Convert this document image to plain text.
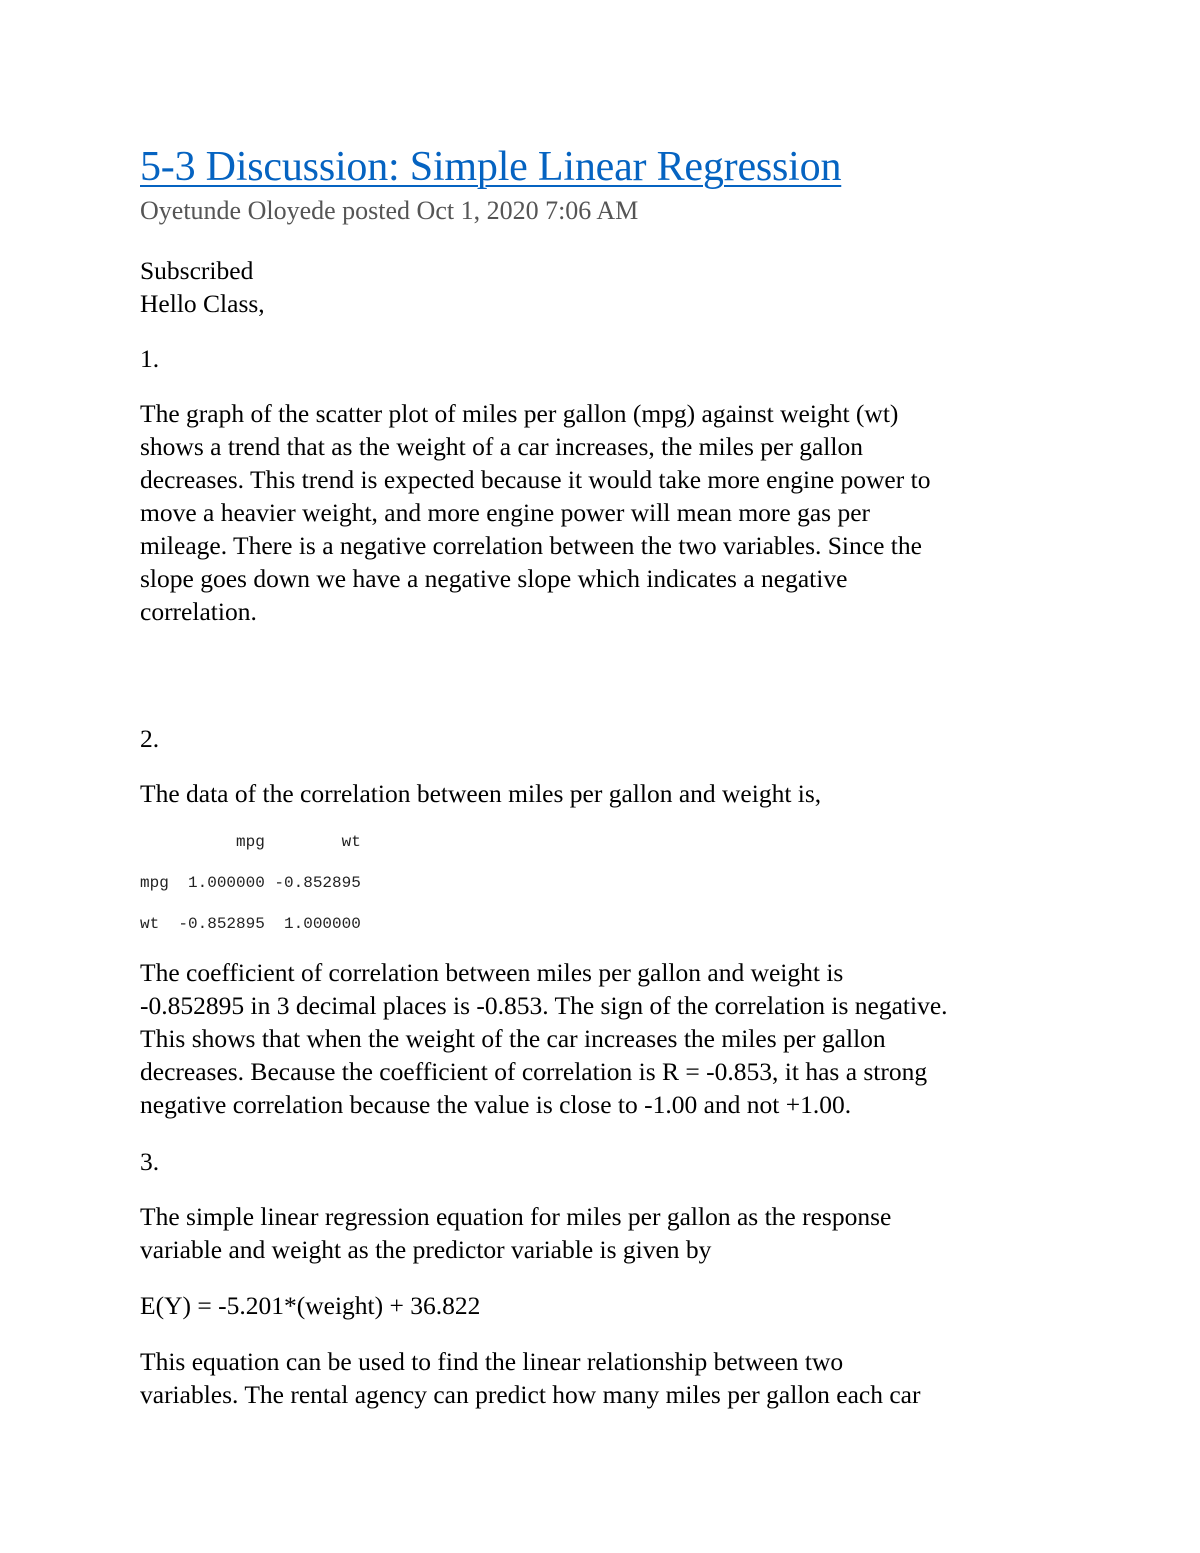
5-3 Discussion: Simple Linear Regression
Oyetunde Oloyede posted Oct 1, 2020 7:06 AM
Subscribed
Hello Class,
1.
The graph of the scatter plot of miles per gallon (mpg) against weight (wt)
shows a trend that as the weight of a car increases, the miles per gallon
decreases. This trend is expected because it would take more engine power to
move a heavier weight, and more engine power will mean more gas per
mileage. There is a negative correlation between the two variables. Since the
slope goes down we have a negative slope which indicates a negative
correlation.
2.
The data of the correlation between miles per gallon and weight is,
mpg        wt
mpg  1.000000 -0.852895
wt  -0.852895  1.000000
The coefficient of correlation between miles per gallon and weight is
-0.852895 in 3 decimal places is -0.853. The sign of the correlation is negative.
This shows that when the weight of the car increases the miles per gallon
decreases. Because the coefficient of correlation is R = -0.853, it has a strong
negative correlation because the value is close to -1.00 and not +1.00.
3.
The simple linear regression equation for miles per gallon as the response
variable and weight as the predictor variable is given by
E(Y) = -5.201*(weight) + 36.822
This equation can be used to find the linear relationship between two
variables. The rental agency can predict how many miles per gallon each car
